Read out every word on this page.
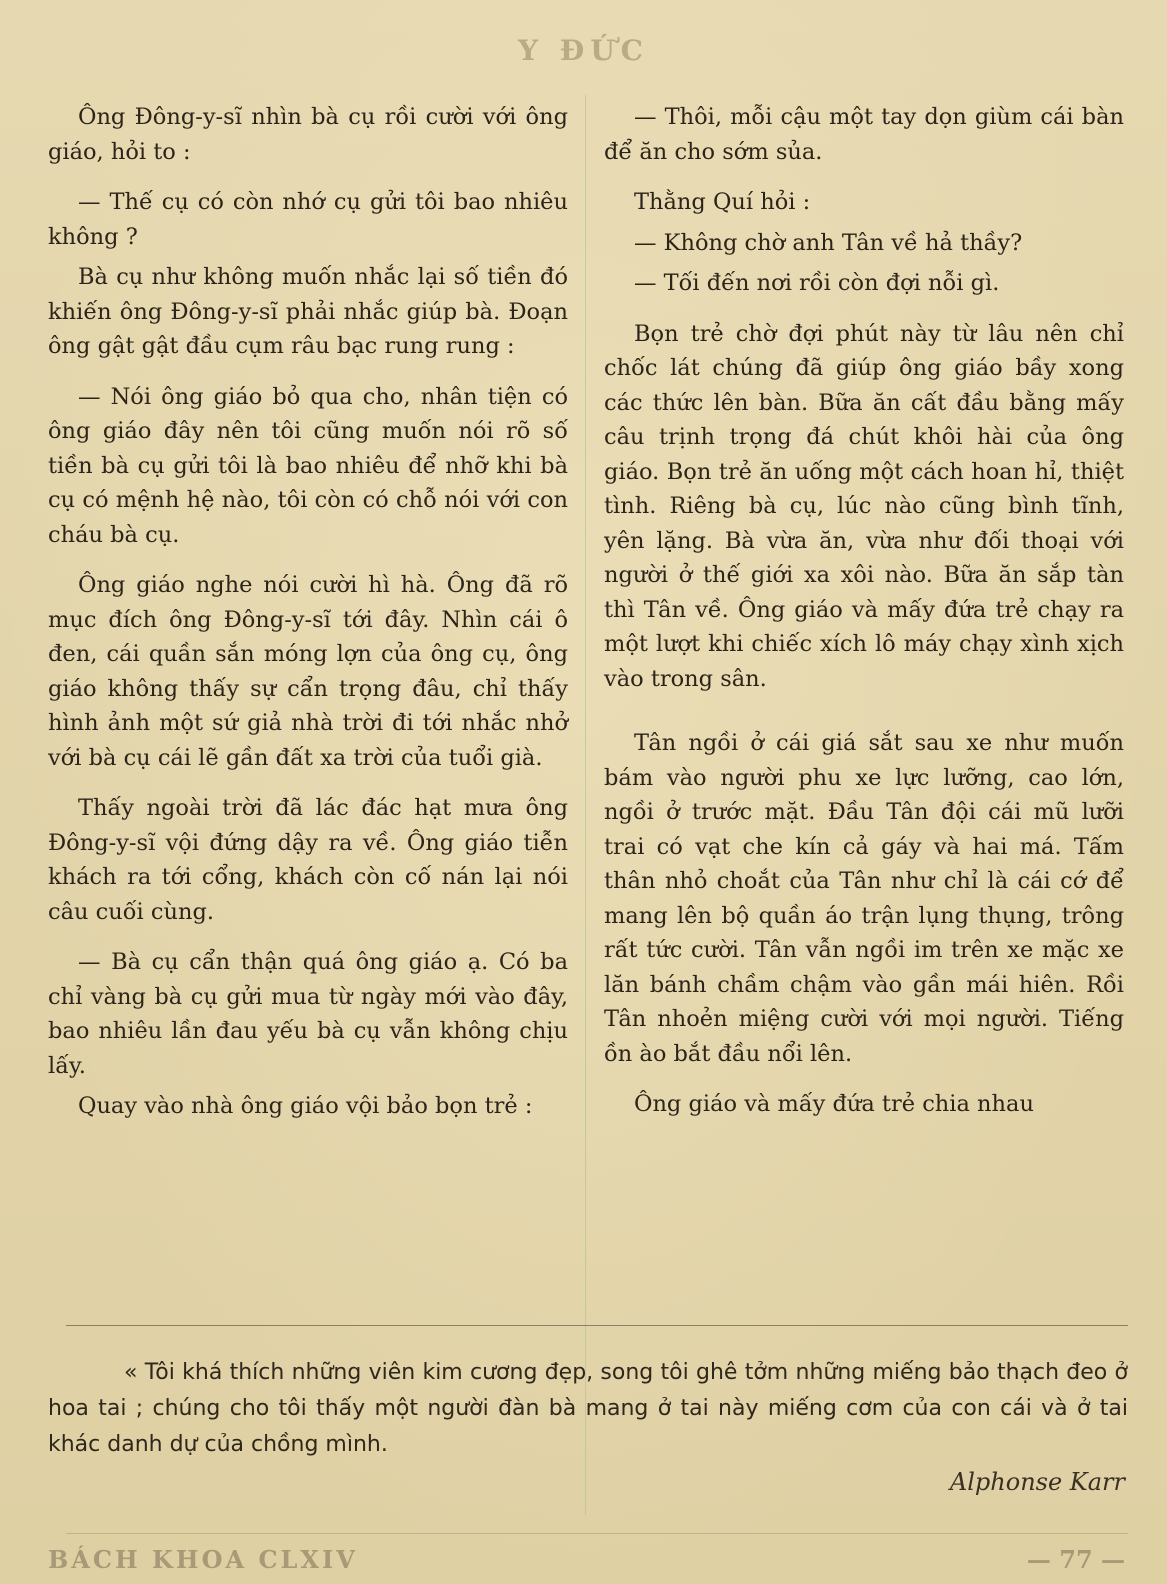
Y ĐỨC

Ông Đông-y-sĩ nhìn bà cụ rồi cười với ông giáo, hỏi to :

— Thế cụ có còn nhớ cụ gửi tôi bao nhiêu không ?

Bà cụ như không muốn nhắc lại số tiền đó khiến ông Đông-y-sĩ phải nhắc giúp bà. Đoạn ông gật gật đầu cụm râu bạc rung rung :

— Nói ông giáo bỏ qua cho, nhân tiện có ông giáo đây nên tôi cũng muốn nói rõ số tiền bà cụ gửi tôi là bao nhiêu để nhỡ khi bà cụ có mệnh hệ nào, tôi còn có chỗ nói với con cháu bà cụ.

Ông giáo nghe nói cười hì hà. Ông đã rõ mục đích ông Đông-y-sĩ tới đây. Nhìn cái ô đen, cái quần sắn móng lợn của ông cụ, ông giáo không thấy sự cẩn trọng đâu, chỉ thấy hình ảnh một sứ giả nhà trời đi tới nhắc nhở với bà cụ cái lẽ gần đất xa trời của tuổi già.

Thấy ngoài trời đã lác đác hạt mưa ông Đông-y-sĩ vội đứng dậy ra về. Ông giáo tiễn khách ra tới cổng, khách còn cố nán lại nói câu cuối cùng.

— Bà cụ cẩn thận quá ông giáo ạ. Có ba chỉ vàng bà cụ gửi mua từ ngày mới vào đây, bao nhiêu lần đau yếu bà cụ vẫn không chịu lấy.

Quay vào nhà ông giáo vội bảo bọn trẻ :

— Thôi, mỗi cậu một tay dọn giùm cái bàn để ăn cho sớm sủa.

Thằng Quí hỏi :

— Không chờ anh Tân về hả thầy?

— Tối đến nơi rồi còn đợi nỗi gì.

Bọn trẻ chờ đợi phút này từ lâu nên chỉ chốc lát chúng đã giúp ông giáo bầy xong các thức lên bàn. Bữa ăn cất đầu bằng mấy câu trịnh trọng đá chút khôi hài của ông giáo. Bọn trẻ ăn uống một cách hoan hỉ, thiệt tình. Riêng bà cụ, lúc nào cũng bình tĩnh, yên lặng. Bà vừa ăn, vừa như đối thoại với người ở thế giới xa xôi nào. Bữa ăn sắp tàn thì Tân về. Ông giáo và mấy đứa trẻ chạy ra một lượt khi chiếc xích lô máy chạy xình xịch vào trong sân.

Tân ngồi ở cái giá sắt sau xe như muốn bám vào người phu xe lực lưỡng, cao lớn, ngồi ở trước mặt. Đầu Tân đội cái mũ lưỡi trai có vạt che kín cả gáy và hai má. Tấm thân nhỏ choắt của Tân như chỉ là cái cớ để mang lên bộ quần áo trận lụng thụng, trông rất tức cười. Tân vẫn ngồi im trên xe mặc xe lăn bánh chầm chậm vào gần mái hiên. Rồi Tân nhoẻn miệng cười với mọi người. Tiếng ồn ào bắt đầu nổi lên.

Ông giáo và mấy đứa trẻ chia nhau

« Tôi khá thích những viên kim cương đẹp, song tôi ghê tởm những miếng bảo thạch đeo ở hoa tai ; chúng cho tôi thấy một người đàn bà mang ở tai này miếng cơm của con cái và ở tai khác danh dự của chồng mình.

Alphonse Karr
BÁCH KHOA CLXIV	— 77 —
